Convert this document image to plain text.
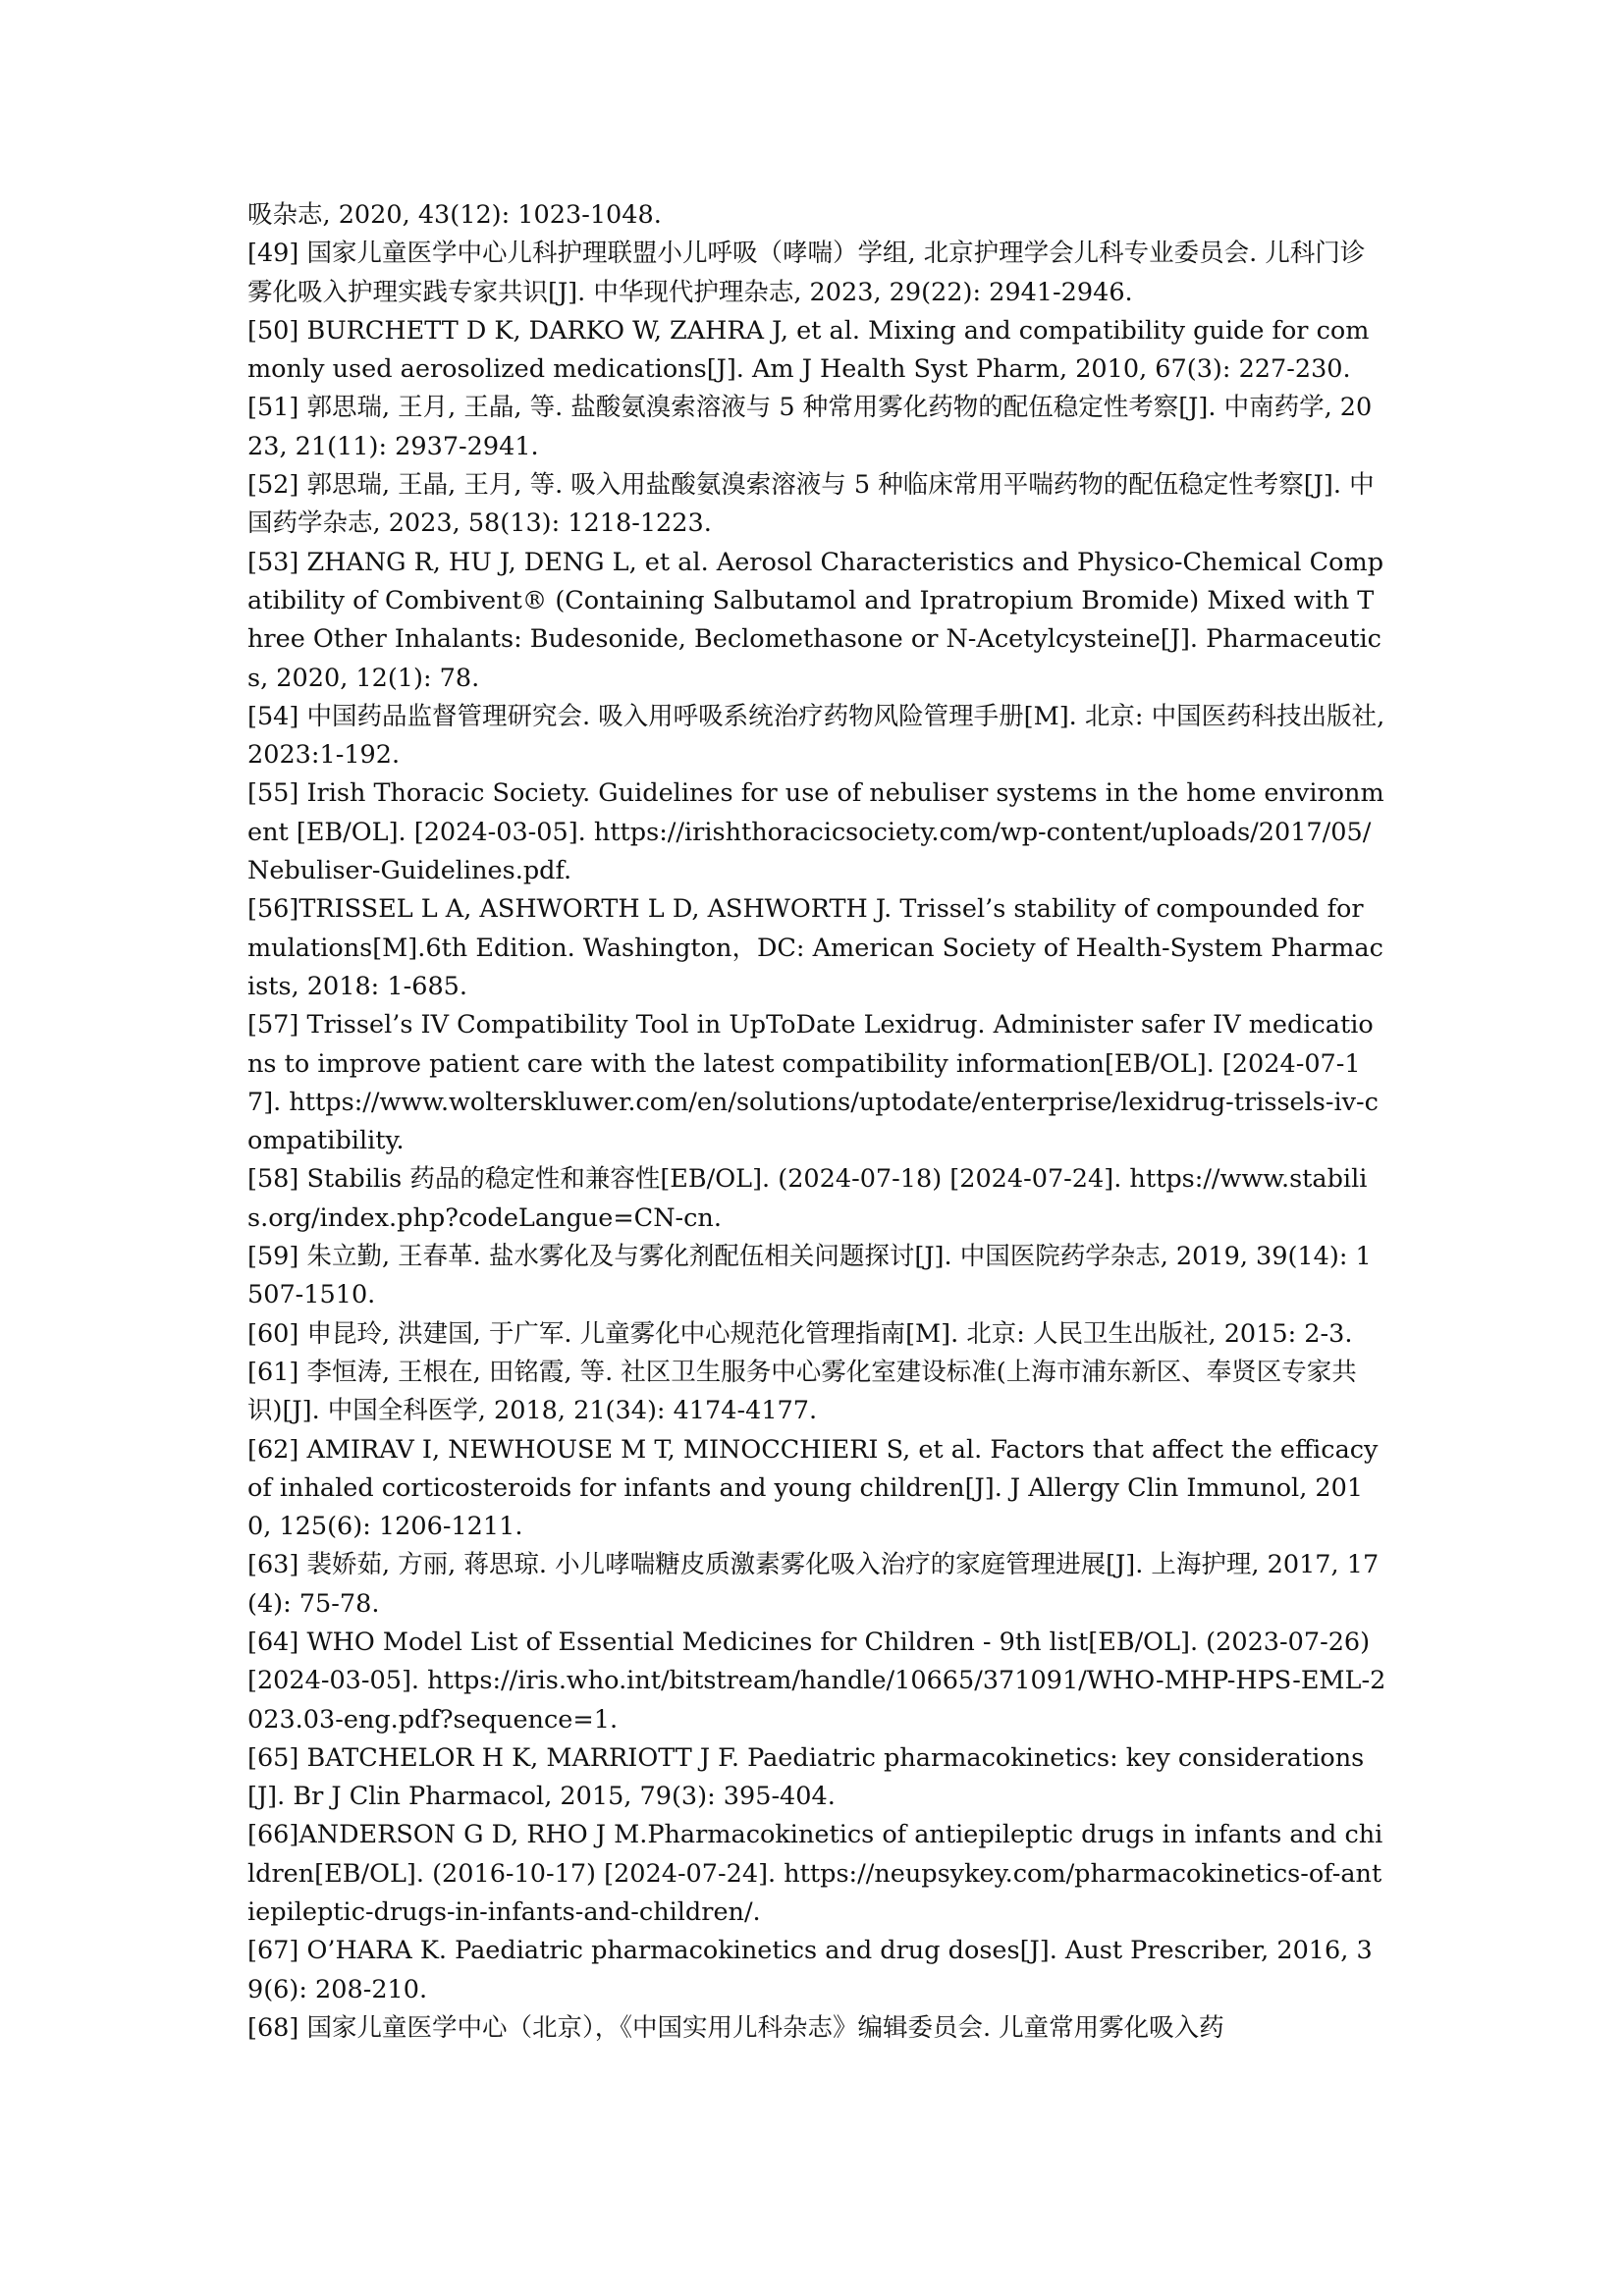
吸杂志, 2020, 43(12): 1023-1048.
[49] 国家儿童医学中心儿科护理联盟小儿呼吸（哮喘）学组, 北京护理学会儿科专业委员会. 儿科门诊雾化吸入护理实践专家共识[J]. 中华现代护理杂志, 2023, 29(22): 2941-2946.
[50] BURCHETT D K, DARKO W, ZAHRA J, et al. Mixing and compatibility guide for commonly used aerosolized medications[J]. Am J Health Syst Pharm, 2010, 67(3): 227-230.
[51] 郭思瑞, 王月, 王晶, 等. 盐酸氨溴索溶液与 5 种常用雾化药物的配伍稳定性考察[J]. 中南药学, 2023, 21(11): 2937-2941.
[52] 郭思瑞, 王晶, 王月, 等. 吸入用盐酸氨溴索溶液与 5 种临床常用平喘药物的配伍稳定性考察[J]. 中国药学杂志, 2023, 58(13): 1218-1223.
[53] ZHANG R, HU J, DENG L, et al. Aerosol Characteristics and Physico-Chemical Compatibility of Combivent® (Containing Salbutamol and Ipratropium Bromide) Mixed with Three Other Inhalants: Budesonide, Beclomethasone or N-Acetylcysteine[J]. Pharmaceutics, 2020, 12(1): 78.
[54] 中国药品监督管理研究会. 吸入用呼吸系统治疗药物风险管理手册[M]. 北京: 中国医药科技出版社, 2023:1-192.
[55] Irish Thoracic Society. Guidelines for use of nebuliser systems in the home environment [EB/OL]. [2024-03-05]. https://irishthoracicsociety.com/wp-content/uploads/2017/05/Nebuliser-Guidelines.pdf.
[56]TRISSEL L A, ASHWORTH L D, ASHWORTH J. Trissel’s stability of compounded formulations[M].6th Edition. Washington，DC: American Society of Health-System Pharmacists, 2018: 1-685.
[57] Trissel’s IV Compatibility Tool in UpToDate Lexidrug. Administer safer IV medications to improve patient care with the latest compatibility information[EB/OL]. [2024-07-17]. https://www.wolterskluwer.com/en/solutions/uptodate/enterprise/lexidrug-trissels-iv-compatibility.
[58] Stabilis 药品的稳定性和兼容性[EB/OL]. (2024-07-18) [2024-07-24]. https://www.stabilis.org/index.php?codeLangue=CN-cn.
[59] 朱立勤, 王春革. 盐水雾化及与雾化剂配伍相关问题探讨[J]. 中国医院药学杂志, 2019, 39(14): 1507-1510.
[60] 申昆玲, 洪建国, 于广军. 儿童雾化中心规范化管理指南[M]. 北京: 人民卫生出版社, 2015: 2-3.
[61] 李恒涛, 王根在, 田铭霞, 等. 社区卫生服务中心雾化室建设标准(上海市浦东新区、奉贤区专家共识)[J]. 中国全科医学, 2018, 21(34): 4174-4177.
[62] AMIRAV I, NEWHOUSE M T, MINOCCHIERI S, et al. Factors that affect the efficacy of inhaled corticosteroids for infants and young children[J]. J Allergy Clin Immunol, 2010, 125(6): 1206-1211.
[63] 裴娇茹, 方丽, 蒋思琼. 小儿哮喘糖皮质激素雾化吸入治疗的家庭管理进展[J]. 上海护理, 2017, 17(4): 75-78.
[64] WHO Model List of Essential Medicines for Children - 9th list[EB/OL]. (2023-07-26) [2024-03-05]. https://iris.who.int/bitstream/handle/10665/371091/WHO-MHP-HPS-EML-2023.03-eng.pdf?sequence=1.
[65] BATCHELOR H K, MARRIOTT J F. Paediatric pharmacokinetics: key considerations[J]. Br J Clin Pharmacol, 2015, 79(3): 395-404.
[66]ANDERSON G D, RHO J M.Pharmacokinetics of antiepileptic drugs in infants and children[EB/OL]. (2016-10-17) [2024-07-24]. https://neupsykey.com/pharmacokinetics-of-antiepileptic-drugs-in-infants-and-children/.
[67] O’HARA K. Paediatric pharmacokinetics and drug doses[J]. Aust Prescriber, 2016, 39(6): 208-210.
[68] 国家儿童医学中心（北京），《中国实用儿科杂志》编辑委员会. 儿童常用雾化吸入药
